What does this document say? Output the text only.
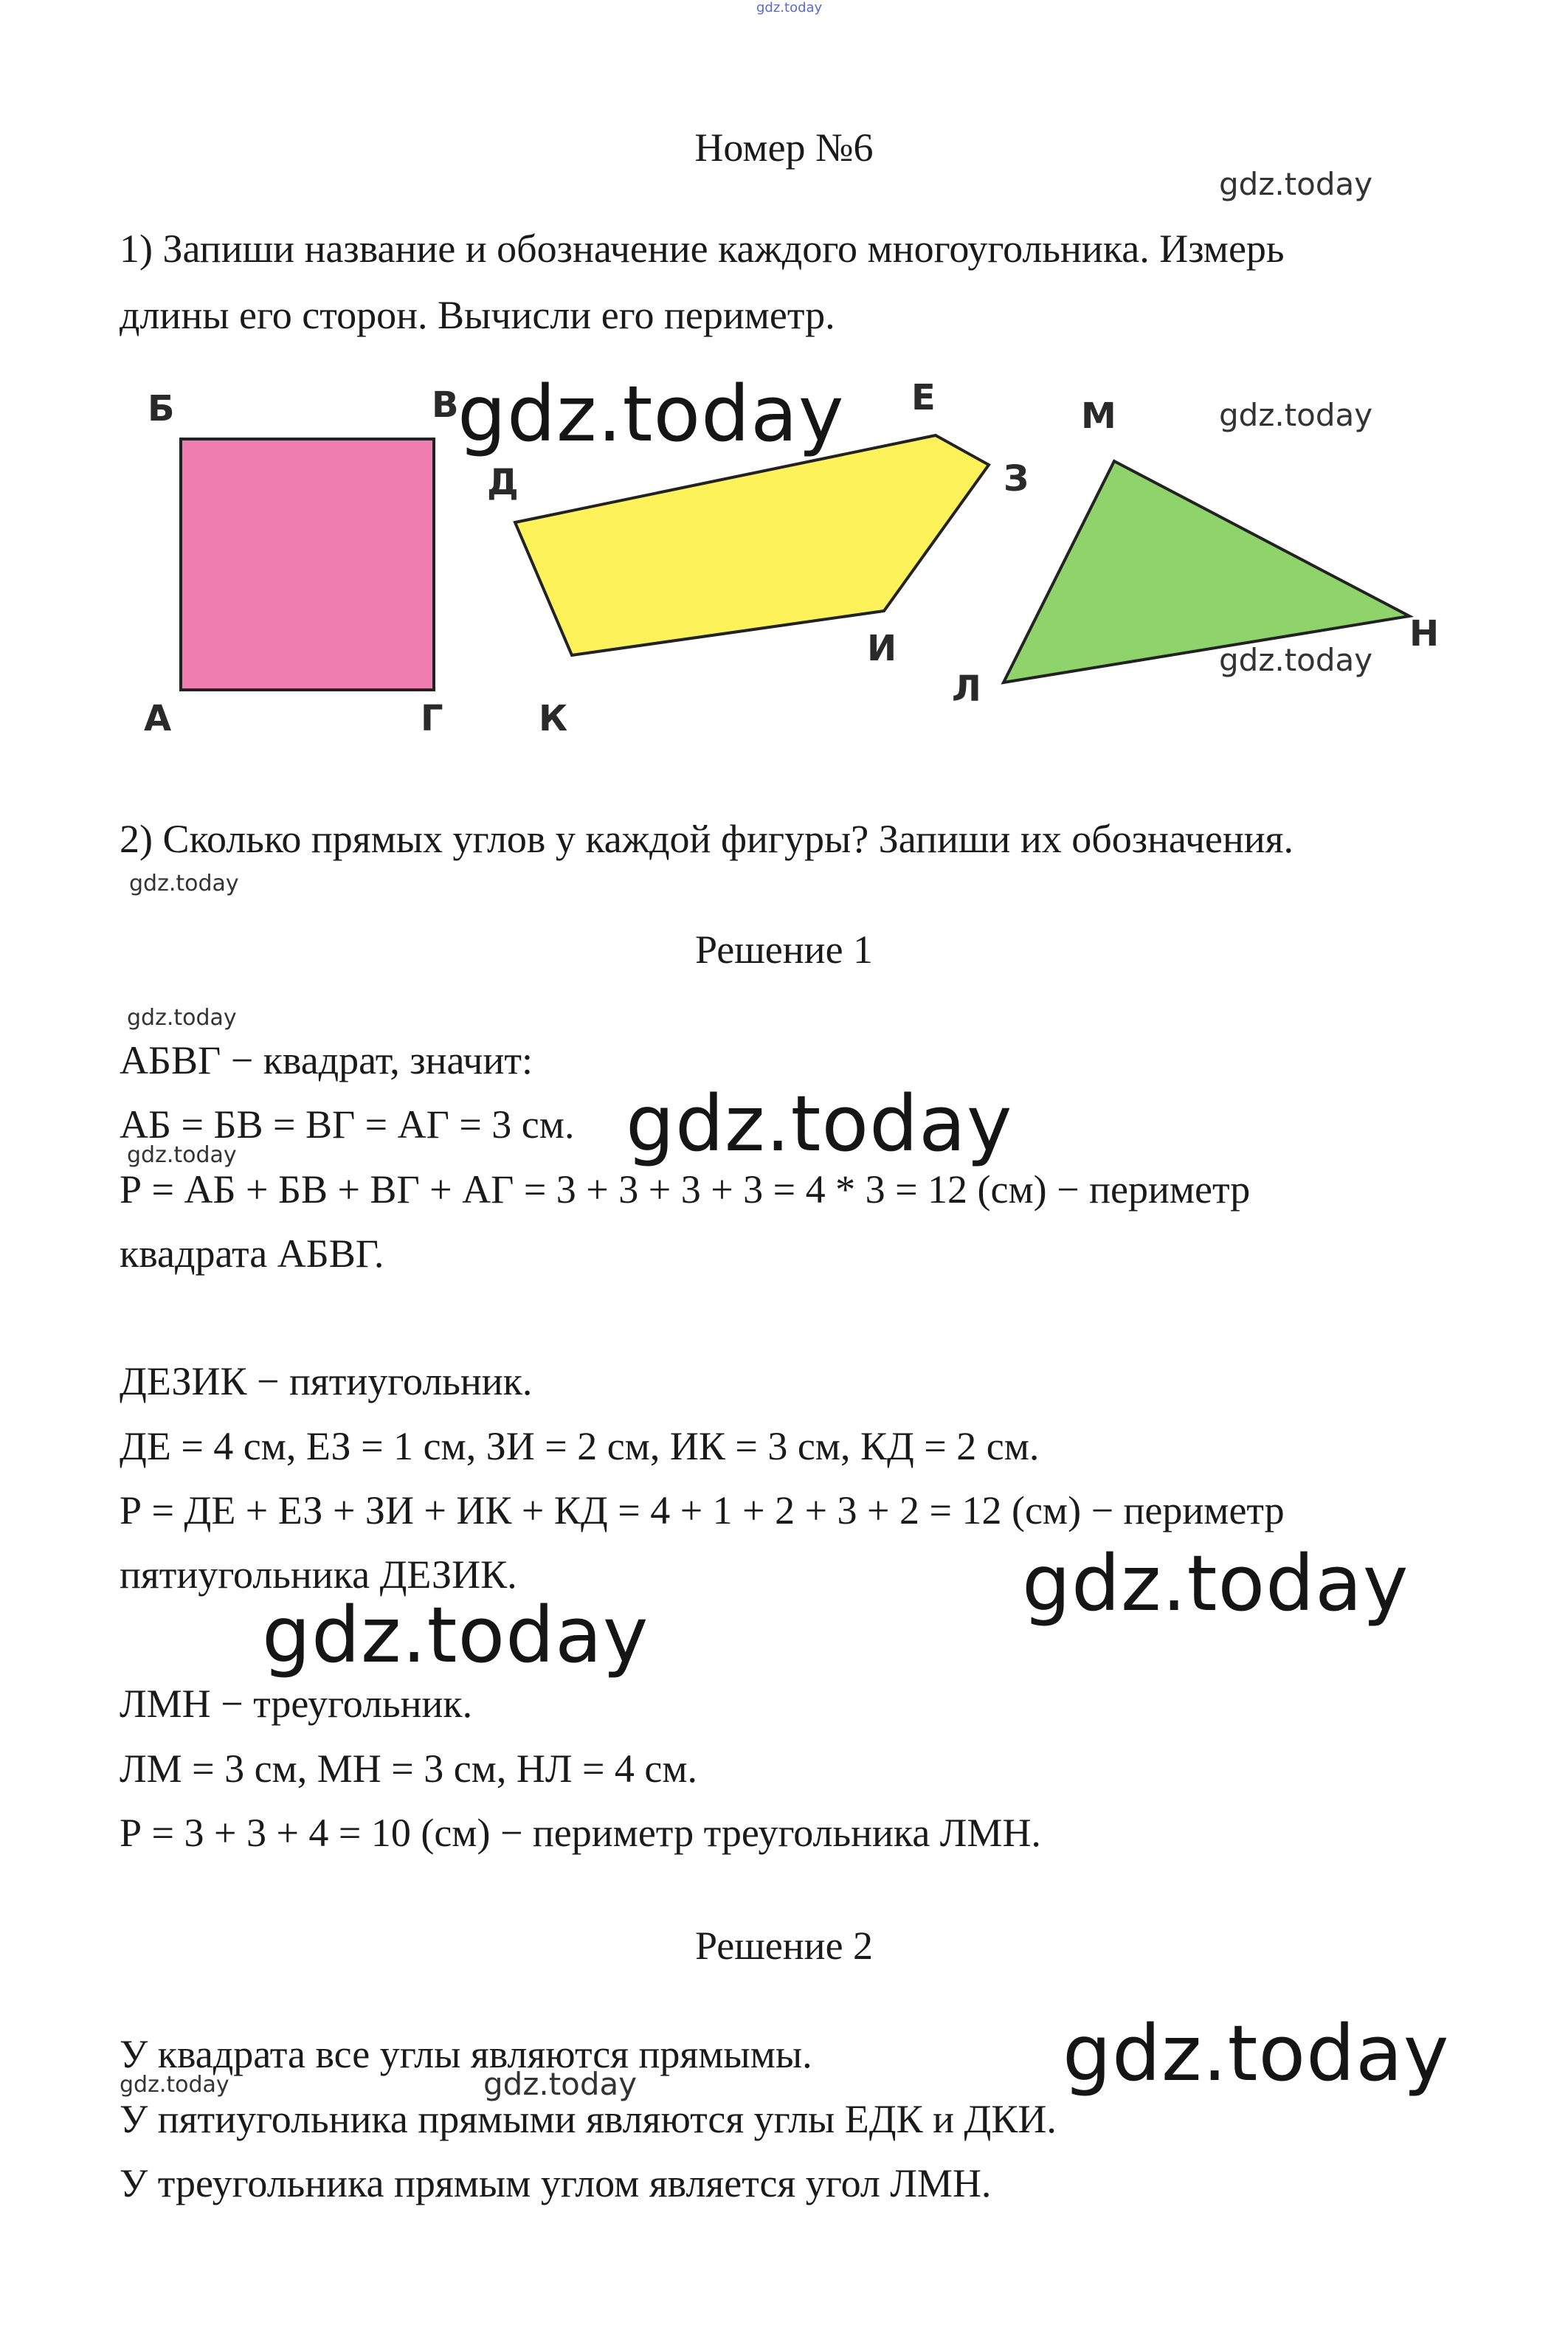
gdz.today
Номер №6
gdz.today
1) Запиши название и обозначение каждого многоугольника. Измерь
длины его сторон. Вычисли его периметр.
Б	В
А	Г
Д
Е
З
И
К
М
Н
Л
gdz.today	gdz.today
gdz.today
2) Сколько прямых углов у каждой фигуры? Запиши их обозначения.
gdz.today
Решение 1
gdz.today
АБВГ − квадрат, значит:
АБ = БВ = ВГ = АГ = 3 см. gdz.today
gdz.today
Р = АБ + БВ + ВГ + АГ = 3 + 3 + 3 + 3 = 4 * 3 = 12 (см) − периметр
квадрата АБВГ.
ДЕЗИК − пятиугольник.
ДЕ = 4 см, ЕЗ = 1 см, ЗИ = 2 см, ИК = 3 см, КД = 2 см.
Р = ДЕ + ЕЗ + ЗИ + ИК + КД = 4 + 1 + 2 + 3 + 2 = 12 (см) − периметр
пятиугольника ДЕЗИК.	gdz.today
gdz.today
ЛМН − треугольник.
ЛМ = 3 см, МН = 3 см, НЛ = 4 см.
Р = 3 + 3 + 4 = 10 (см) − периметр треугольника ЛМН.
Решение 2
У квадрата все углы являются прямымы.	gdz.today
gdz.today	gdz.today
У пятиугольника прямыми являются углы ЕДК и ДКИ.
У треугольника прямым углом является угол ЛМН.
